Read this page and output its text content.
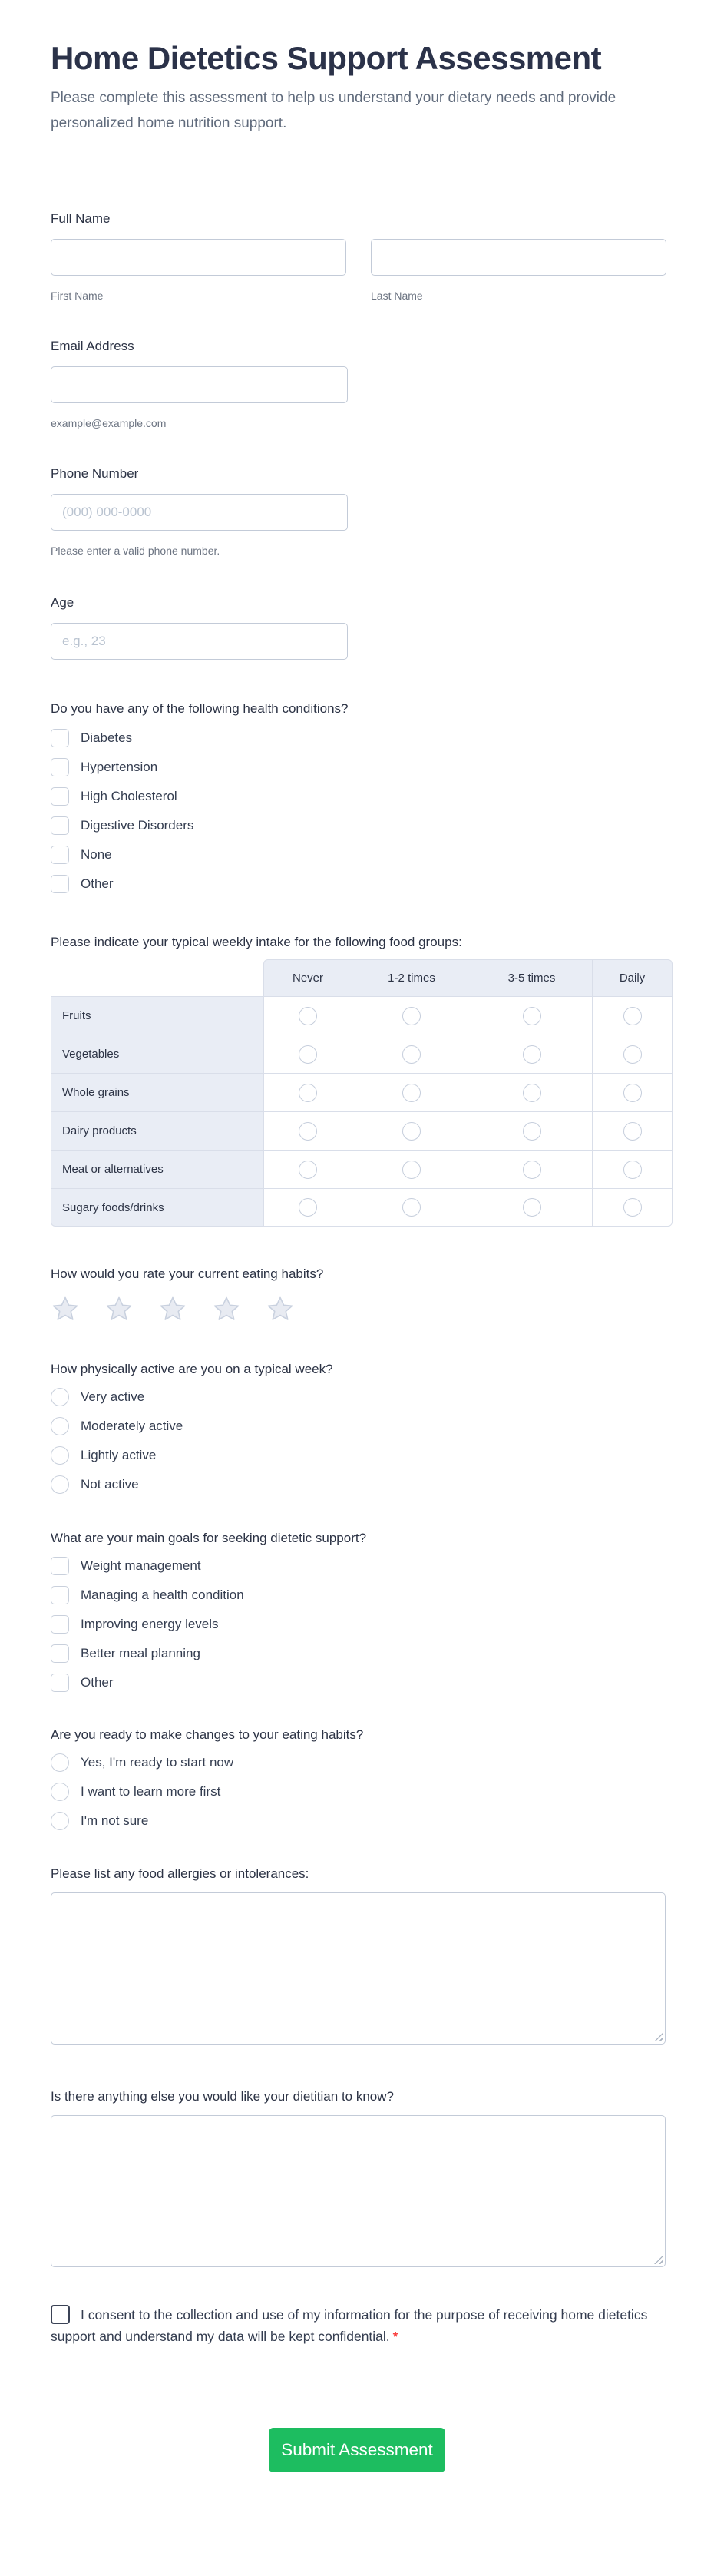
Home Dietetics Support Assessment
Please complete this assessment to help us understand your dietary needs and provide personalized home nutrition support.
Full Name
First Name	Last Name
Email Address
example@example.com
Phone Number
(000) 000-0000
Please enter a valid phone number.
Age
e.g., 23
Do you have any of the following health conditions?
Diabetes
Hypertension
High Cholesterol
Digestive Disorders
None
Other
Please indicate your typical weekly intake for the following food groups:
	Never	1-2 times	3-5 times	Daily
Fruits				
Vegetables				
Whole grains				
Dairy products				
Meat or alternatives				
Sugary foods/drinks				
How would you rate your current eating habits?
How physically active are you on a typical week?
Very active
Moderately active
Lightly active
Not active
What are your main goals for seeking dietetic support?
Weight management
Managing a health condition
Improving energy levels
Better meal planning
Other
Are you ready to make changes to your eating habits?
Yes, I'm ready to start now
I want to learn more first
I'm not sure
Please list any food allergies or intolerances:
Is there anything else you would like your dietitian to know?
I consent to the collection and use of my information for the purpose of receiving home dietetics support and understand my data will be kept confidential. *
Submit Assessment
